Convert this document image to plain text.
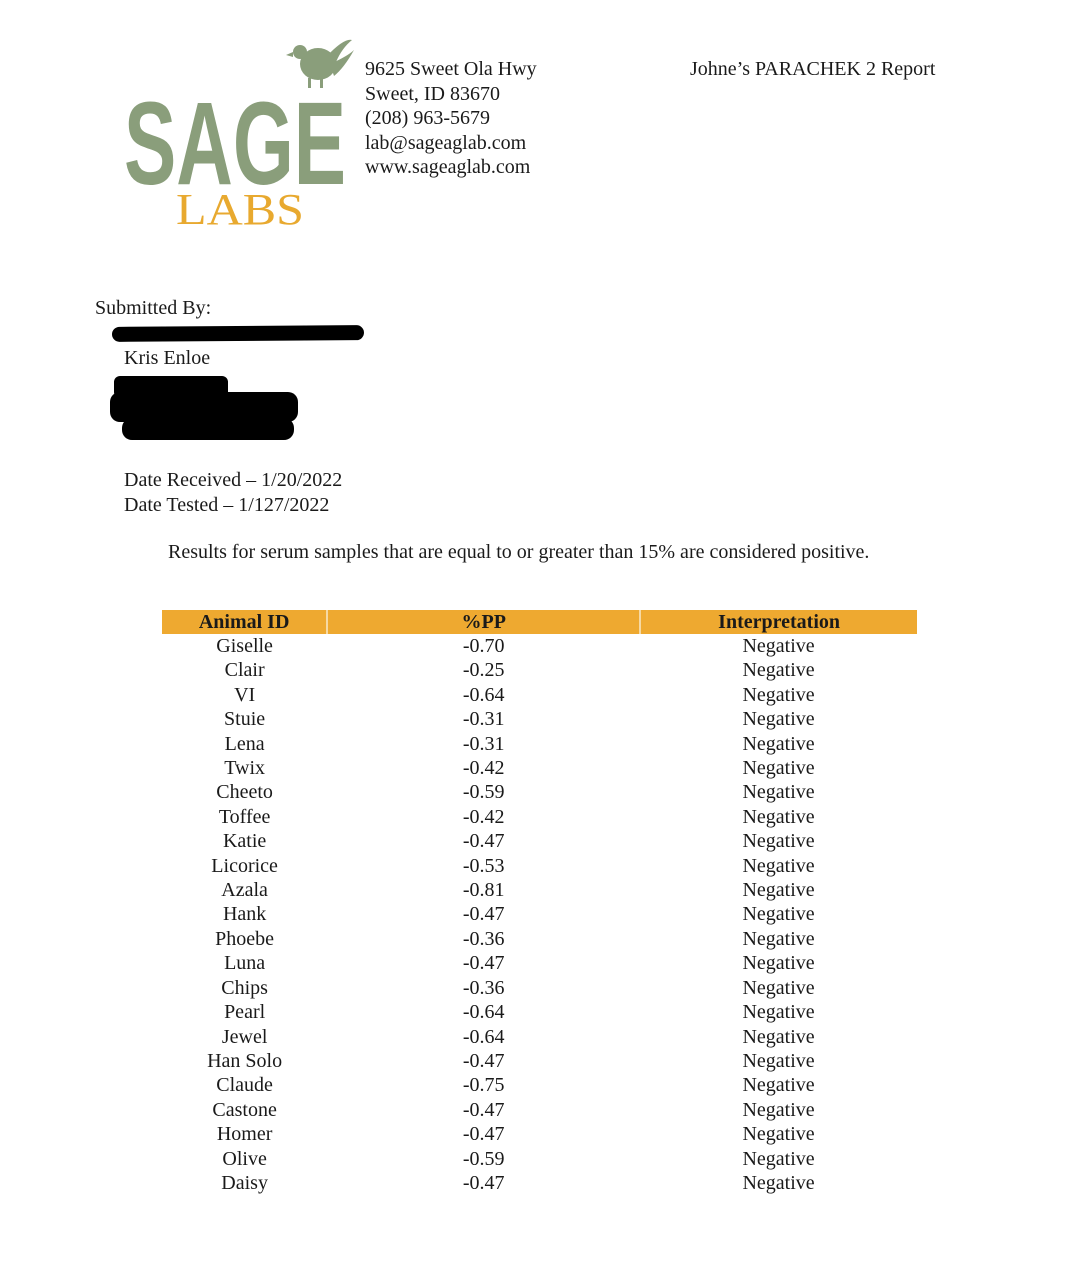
SAGE
LABS
9625 Sweet Ola Hwy
Sweet, ID 83670
(208) 963-5679
lab@sageaglab.com
www.sageaglab.com
Johne’s PARACHEK 2 Report
Submitted By:
Kris Enloe
Date Received – 1/20/2022
Date Tested – 1/127/2022
Results for serum samples that are equal to or greater than 15% are considered positive.
Animal ID	%PP	Interpretation
Giselle	-0.70	Negative
Clair	-0.25	Negative
VI	-0.64	Negative
Stuie	-0.31	Negative
Lena	-0.31	Negative
Twix	-0.42	Negative
Cheeto	-0.59	Negative
Toffee	-0.42	Negative
Katie	-0.47	Negative
Licorice	-0.53	Negative
Azala	-0.81	Negative
Hank	-0.47	Negative
Phoebe	-0.36	Negative
Luna	-0.47	Negative
Chips	-0.36	Negative
Pearl	-0.64	Negative
Jewel	-0.64	Negative
Han Solo	-0.47	Negative
Claude	-0.75	Negative
Castone	-0.47	Negative
Homer	-0.47	Negative
Olive	-0.59	Negative
Daisy	-0.47	Negative
